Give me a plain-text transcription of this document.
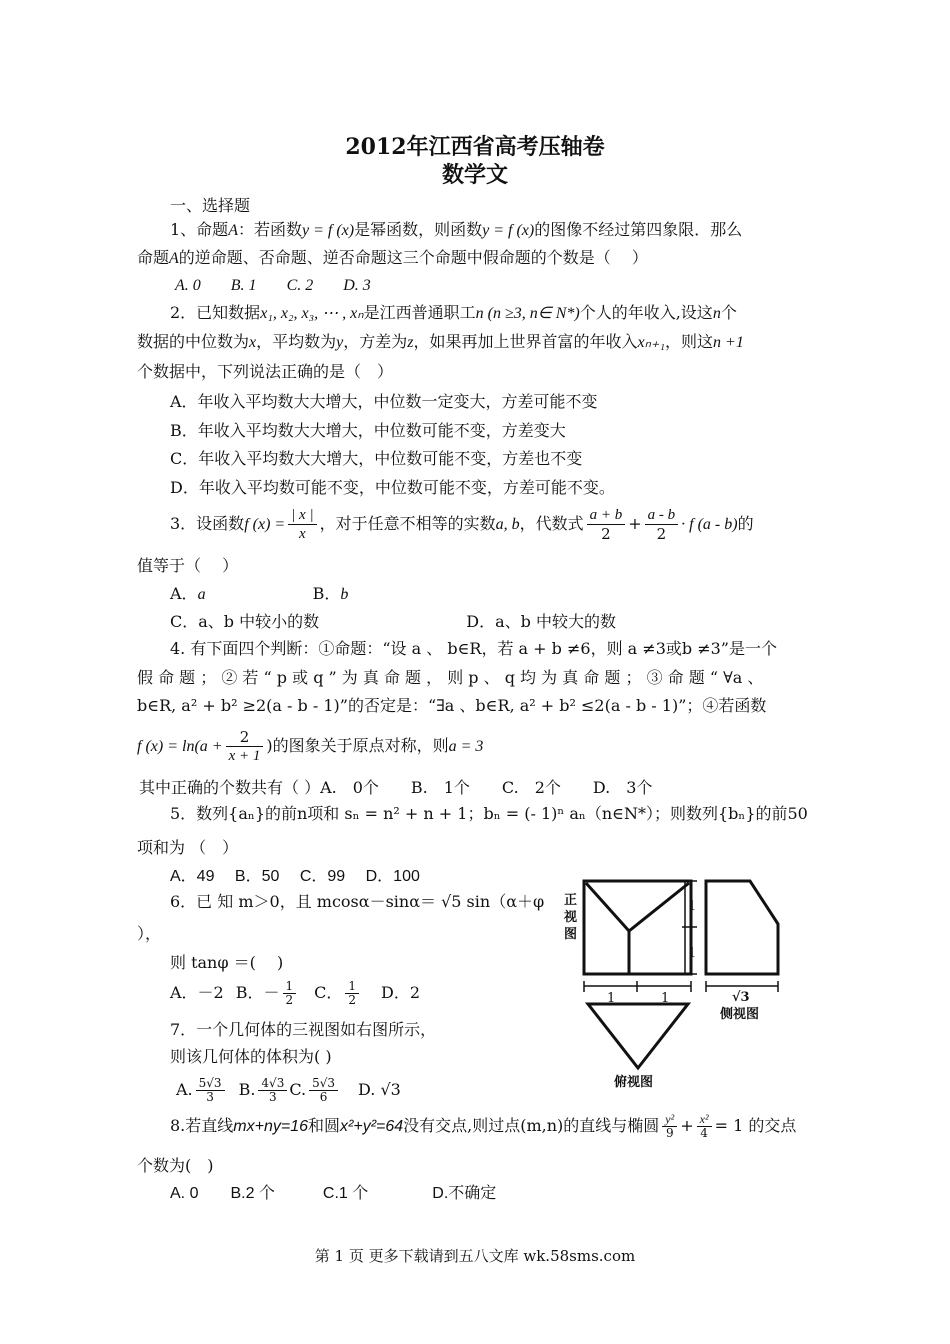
2012年江西省高考压轴卷
数学文
一、选择题
1、命题A：若函数y = f (x)是幂函数，则函数y = f (x)的图像不经过第四象限．那么
命题A的逆命题、否命题、逆否命题这三个命题中假命题的个数是（　 ）
A. 0 B. 1 C. 2 D. 3
2．已知数据x₁, x₂, x₃, ⋯ , xₙ是江西普通职工n (n ≥3, n∈ N*)个人的年收入,设这n个
数据的中位数为x，平均数为y，方差为z，如果再加上世界首富的年收入xₙ₊₁，则这n +1
个数据中，下列说法正确的是（　）
A．年收入平均数大大增大，中位数一定变大，方差可能不变
B．年收入平均数大大增大，中位数可能不变，方差变大
C．年收入平均数大大增大，中位数可能不变，方差也不变
D．年收入平均数可能不变，中位数可能不变，方差可能不变。
3．设函数f $(x) = \frac{| x |}{x}$ ，对于任意不相等的实数a, b，代数式 $\frac{a + b}{2} + \frac{a - b}{2} \cdot f$ (a - b)的
值等于（　 ）
A．a	B．b
C．a、b 中较小的数	D．a、b 中较大的数
4. 有下面四个判断：①命题：“设 a 、 b∈R，若 a + b ≠6，则 a ≠3或b ≠3”是一个
假 命 题 ； ② 若 “ p 或 q ” 为 真 命 题 ， 则 p 、 q 均 为 真 命 题 ； ③ 命 题 “ ∀a 、
b∈R, a² + b² ≥2(a - b - 1)”的否定是：“∃a 、b∈R, a² + b² ≤2(a - b - 1)”；④若函数
f $(x) = \ln(a + \frac{2}{x + 1}$ )的图象关于原点对称，则a = 3
其中正确的个数共有（ ）A.　0个　　B.　1个　　C.　2个　　D.　3个
5．数列{aₙ}的前n项和 sₙ = n² + n + 1；bₙ = (- 1)ⁿ aₙ（n∈N*）；则数列{bₙ}的前50
项和为 （　）
A．49　 B．50　 C．99　 D．100
6．已 知 m＞0，且 mcosα－sinα＝ √5 sin（α＋φ
），
则 tanφ ＝(　 )
A．－2 B．－ $\frac{1}{2}$ C． $\frac{1}{2}$ D．2
7．一个几何体的三视图如右图所示，
则该几何体的体积为( )
A. $\frac{5√3}{3} B$. $\frac{4√3}{3} C$. $\frac{5√3}{6} D$. √3
正
视
图
1
1
1	1	√3
侧视图
俯视图
8.若直线mx+ny=16和圆x²+y²=64没有交点,则过点(m,n)的直线与椭圆 $\frac{\text{y²}}{9} + \frac{\text{x²}}{4} = 1$ 的交点
个数为(　)
A. 0　　B.2 个　　　C.1 个　　　　D.不确定
第 1 页 更多下载请到五八文库 wk.58sms.com
